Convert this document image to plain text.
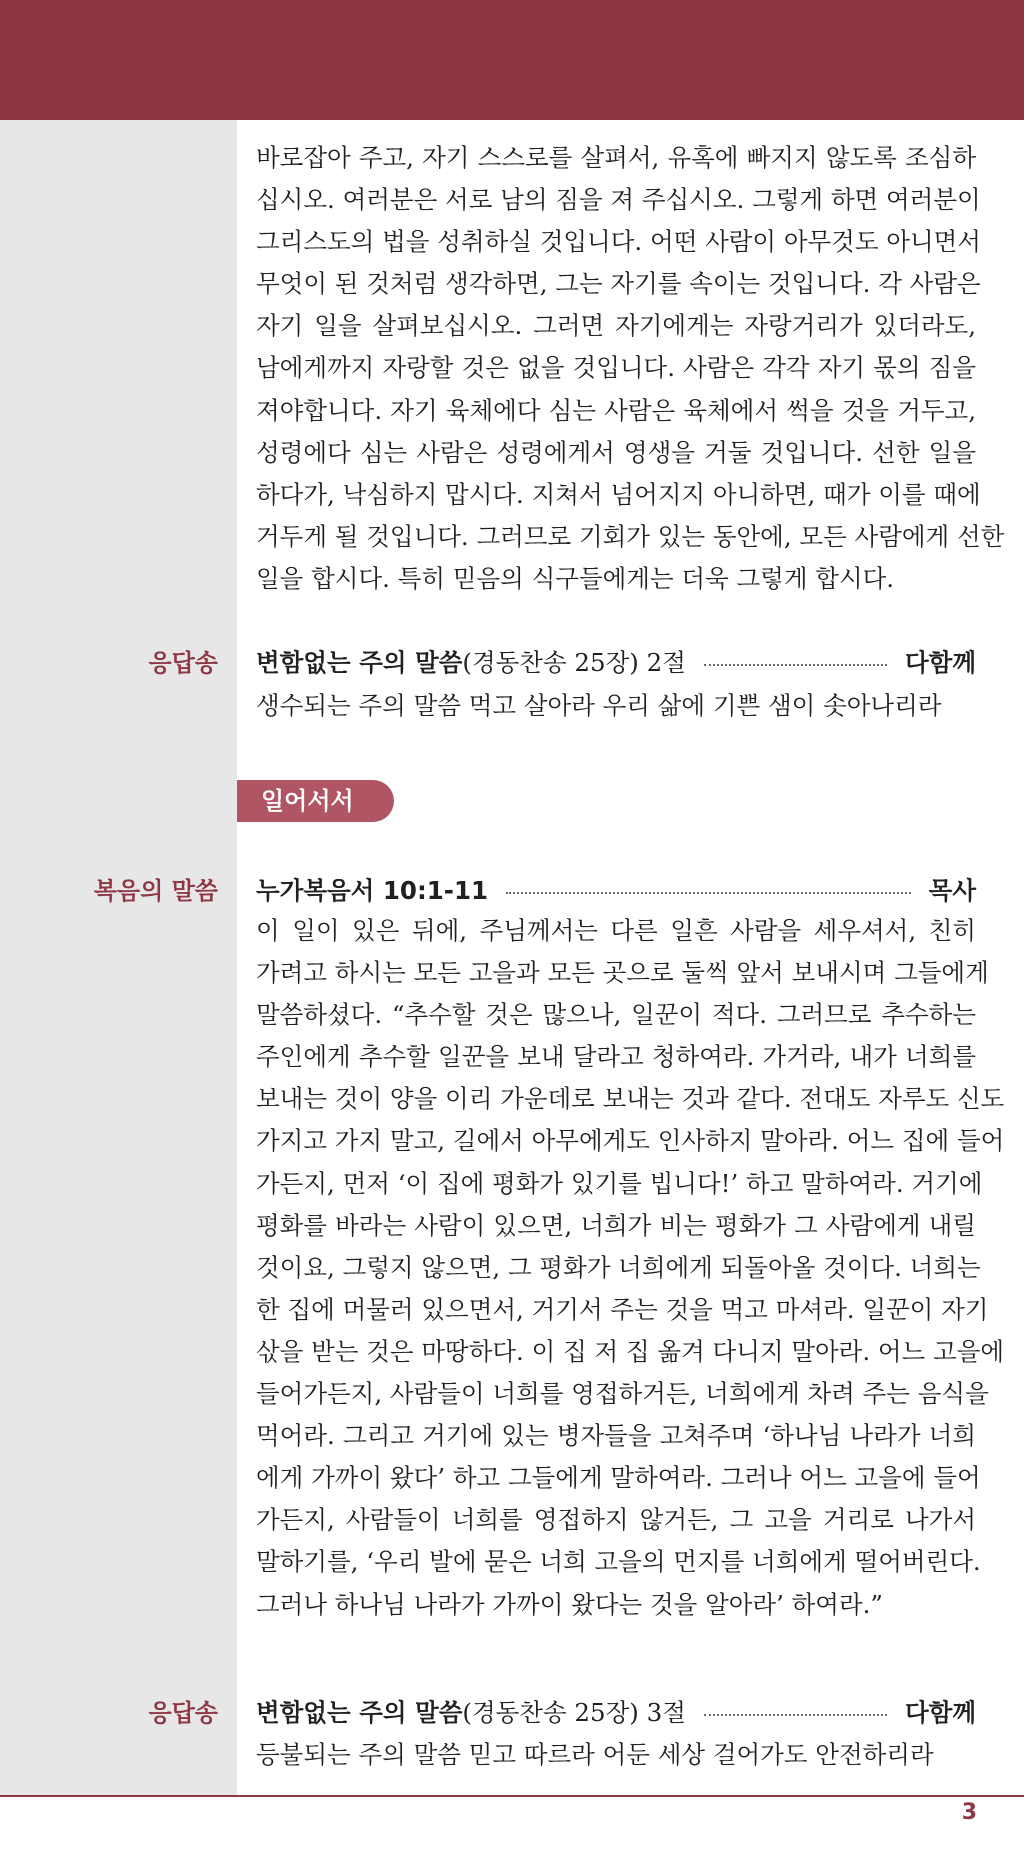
바로잡아 주고, 자기 스스로를 살펴서, 유혹에 빠지지 않도록 조심하
십시오. 여러분은 서로 남의 짐을 져 주십시오. 그렇게 하면 여러분이
그리스도의 법을 성취하실 것입니다. 어떤 사람이 아무것도 아니면서
무엇이 된 것처럼 생각하면, 그는 자기를 속이는 것입니다. 각 사람은
자기 일을 살펴보십시오. 그러면 자기에게는 자랑거리가 있더라도,
남에게까지 자랑할 것은 없을 것입니다. 사람은 각각 자기 몫의 짐을
져야합니다. 자기 육체에다 심는 사람은 육체에서 썩을 것을 거두고,
성령에다 심는 사람은 성령에게서 영생을 거둘 것입니다. 선한 일을
하다가, 낙심하지 맙시다. 지쳐서 넘어지지 아니하면, 때가 이를 때에
거두게 될 것입니다. 그러므로 기회가 있는 동안에, 모든 사람에게 선한
일을 합시다. 특히 믿음의 식구들에게는 더욱 그렇게 합시다.
응답송 변함없는 주의 말씀 (경동찬송 25장) 2절	다함께
생수되는 주의 말씀 먹고 살아라 우리 삶에 기쁜 샘이 솟아나리라
일어서서
복음의 말씀 누가복음서 10:1-11	목사
이 일이 있은 뒤에, 주님께서는 다른 일흔 사람을 세우셔서, 친히
가려고 하시는 모든 고을과 모든 곳으로 둘씩 앞서 보내시며 그들에게
말씀하셨다. “추수할 것은 많으나, 일꾼이 적다. 그러므로 추수하는
주인에게 추수할 일꾼을 보내 달라고 청하여라. 가거라, 내가 너희를
보내는 것이 양을 이리 가운데로 보내는 것과 같다. 전대도 자루도 신도
가지고 가지 말고, 길에서 아무에게도 인사하지 말아라. 어느 집에 들어
가든지, 먼저 ‘이 집에 평화가 있기를 빕니다!’ 하고 말하여라. 거기에
평화를 바라는 사람이 있으면, 너희가 비는 평화가 그 사람에게 내릴
것이요, 그렇지 않으면, 그 평화가 너희에게 되돌아올 것이다. 너희는
한 집에 머물러 있으면서, 거기서 주는 것을 먹고 마셔라. 일꾼이 자기
삯을 받는 것은 마땅하다. 이 집 저 집 옮겨 다니지 말아라. 어느 고을에
들어가든지, 사람들이 너희를 영접하거든, 너희에게 차려 주는 음식을
먹어라. 그리고 거기에 있는 병자들을 고쳐주며 ‘하나님 나라가 너희
에게 가까이 왔다’ 하고 그들에게 말하여라. 그러나 어느 고을에 들어
가든지, 사람들이 너희를 영접하지 않거든, 그 고을 거리로 나가서
말하기를, ‘우리 발에 묻은 너희 고을의 먼지를 너희에게 떨어버린다.
그러나 하나님 나라가 가까이 왔다는 것을 알아라’ 하여라.”
응답송 변함없는 주의 말씀 (경동찬송 25장) 3절	다함께
등불되는 주의 말씀 믿고 따르라 어둔 세상 걸어가도 안전하리라
3
